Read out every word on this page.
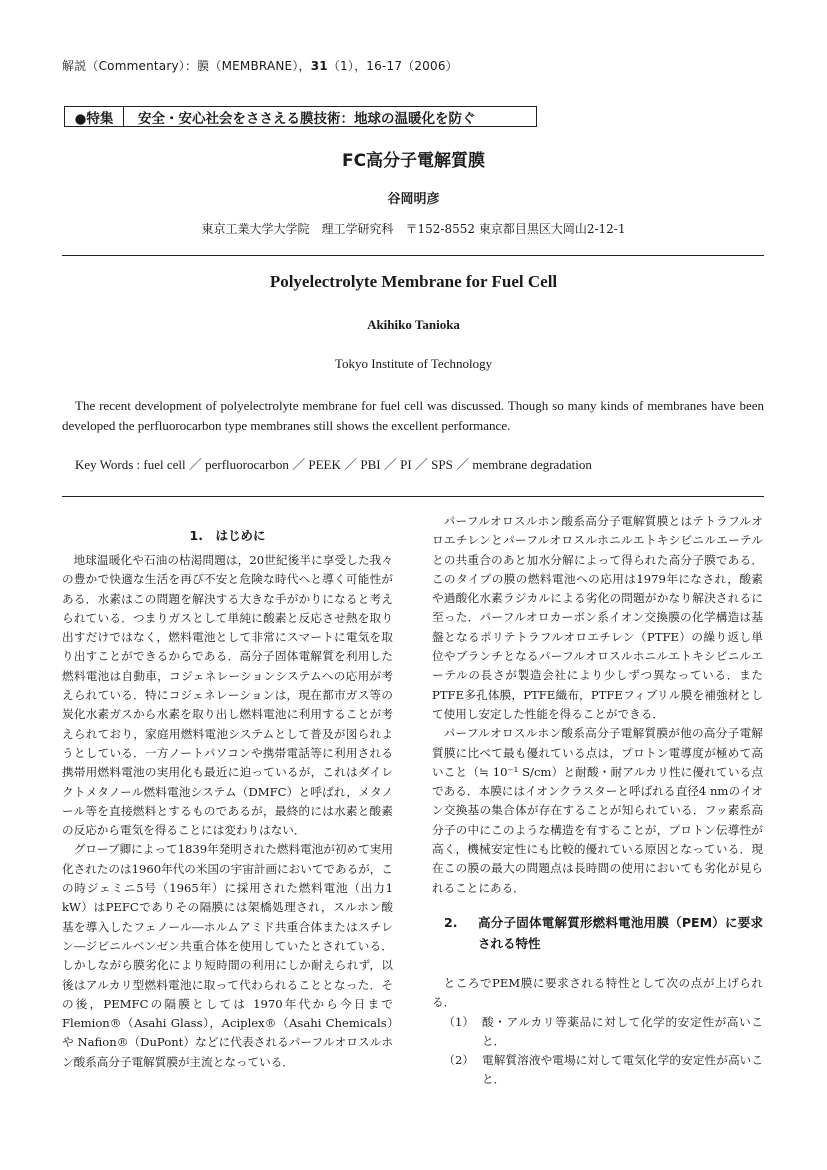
解説（Commentary）：膜（MEMBRANE），31（1），16-17（2006）
●特集	安全・安心社会をささえる膜技術：地球の温暖化を防ぐ
FC高分子電解質膜
谷岡明彦
東京工業大学大学院　理工学研究科　〒152-8552 東京都目黒区大岡山2-12-1
Polyelectrolyte Membrane for Fuel Cell
Akihiko Tanioka
Tokyo Institute of Technology
The recent development of polyelectrolyte membrane for fuel cell was discussed. Though so many kinds of membranes have been developed the perfluorocarbon type membranes still shows the excellent performance.
Key Words : fuel cell ／ perfluorocarbon ／ PEEK ／ PBI ／ PI ／ SPS ／ membrane degradation
1.　はじめに

地球温暖化や石油の枯渇問題は，20世紀後半に享受した我々の豊かで快適な生活を再び不安と危険な時代へと導く可能性がある．水素はこの問題を解決する大きな手がかりになると考えられている．つまりガスとして単純に酸素と反応させ熱を取り出すだけではなく，燃料電池として非常にスマートに電気を取り出すことができるからである．高分子固体電解質を利用した燃料電池は自動車，コジェネレーションシステムへの応用が考えられている．特にコジェネレーションは，現在都市ガス等の炭化水素ガスから水素を取り出し燃料電池に利用することが考えられており，家庭用燃料電池システムとして普及が図られようとしている．一方ノートパソコンや携帯電話等に利用される携帯用燃料電池の実用化も最近に迫っているが，これはダイレクトメタノール燃料電池システム（DMFC）と呼ばれ，メタノール等を直接燃料とするものであるが，最終的には水素と酸素の反応から電気を得ることには変わりはない．

グローブ卿によって1839年発明された燃料電池が初めて実用化されたのは1960年代の米国の宇宙計画においてであるが，この時ジェミニ5号（1965年）に採用された燃料電池（出力1 kW）はPEFCでありその隔膜には架橋処理され，スルホン酸基を導入したフェノール―ホルムアミド共重合体またはスチレン―ジビニルベンゼン共重合体を使用していたとされている．しかしながら膜劣化により短時間の利用にしか耐えられず，以後はアルカリ型燃料電池に取って代わられることとなった．その後，PEMFCの隔膜としては 1970年代から今日まで Flemion®（Asahi Glass），Aciplex®（Asahi Chemicals）や Nafion®（DuPont）などに代表されるパーフルオロスルホン酸系高分子電解質膜が主流となっている．

パーフルオロスルホン酸系高分子電解質膜とはテトラフルオロエチレンとパーフルオロスルホニルエトキシビニルエーテルとの共重合のあと加水分解によって得られた高分子膜である．このタイプの膜の燃料電池への応用は1979年になされ，酸素や過酸化水素ラジカルによる劣化の問題がかなり解決されるに至った．パーフルオロカーボン系イオン交換膜の化学構造は基盤となるポリテトラフルオロエチレン（PTFE）の繰り返し単位やブランチとなるパーフルオロスルホニルエトキシビニルエーテルの長さが製造会社により少しずつ異なっている．またPTFE多孔体膜，PTFE織布，PTFEフィブリル膜を補強材として使用し安定した性能を得ることができる．

パーフルオロスルホン酸系高分子電解質膜が他の高分子電解質膜に比べて最も優れている点は，プロトン電導度が極めて高いこと（≒ 10⁻¹ S/cm）と耐酸・耐アルカリ性に優れている点である．本膜にはイオンクラスターと呼ばれる直径4 nmのイオン交換基の集合体が存在することが知られている．フッ素系高分子の中にこのような構造を有することが，プロトン伝導性が高く，機械安定性にも比較的優れている原因となっている．現在この膜の最大の問題点は長時間の使用においても劣化が見られることにある．

2.	高分子固体電解質形燃料電池用膜（PEM）に要求される特性

ところでPEM膜に要求される特性として次の点が上げられる．

（1） 酸・アルカリ等薬品に対して化学的安定性が高いこと．
（2） 電解質溶液や電場に対して電気化学的安定性が高いこと．
